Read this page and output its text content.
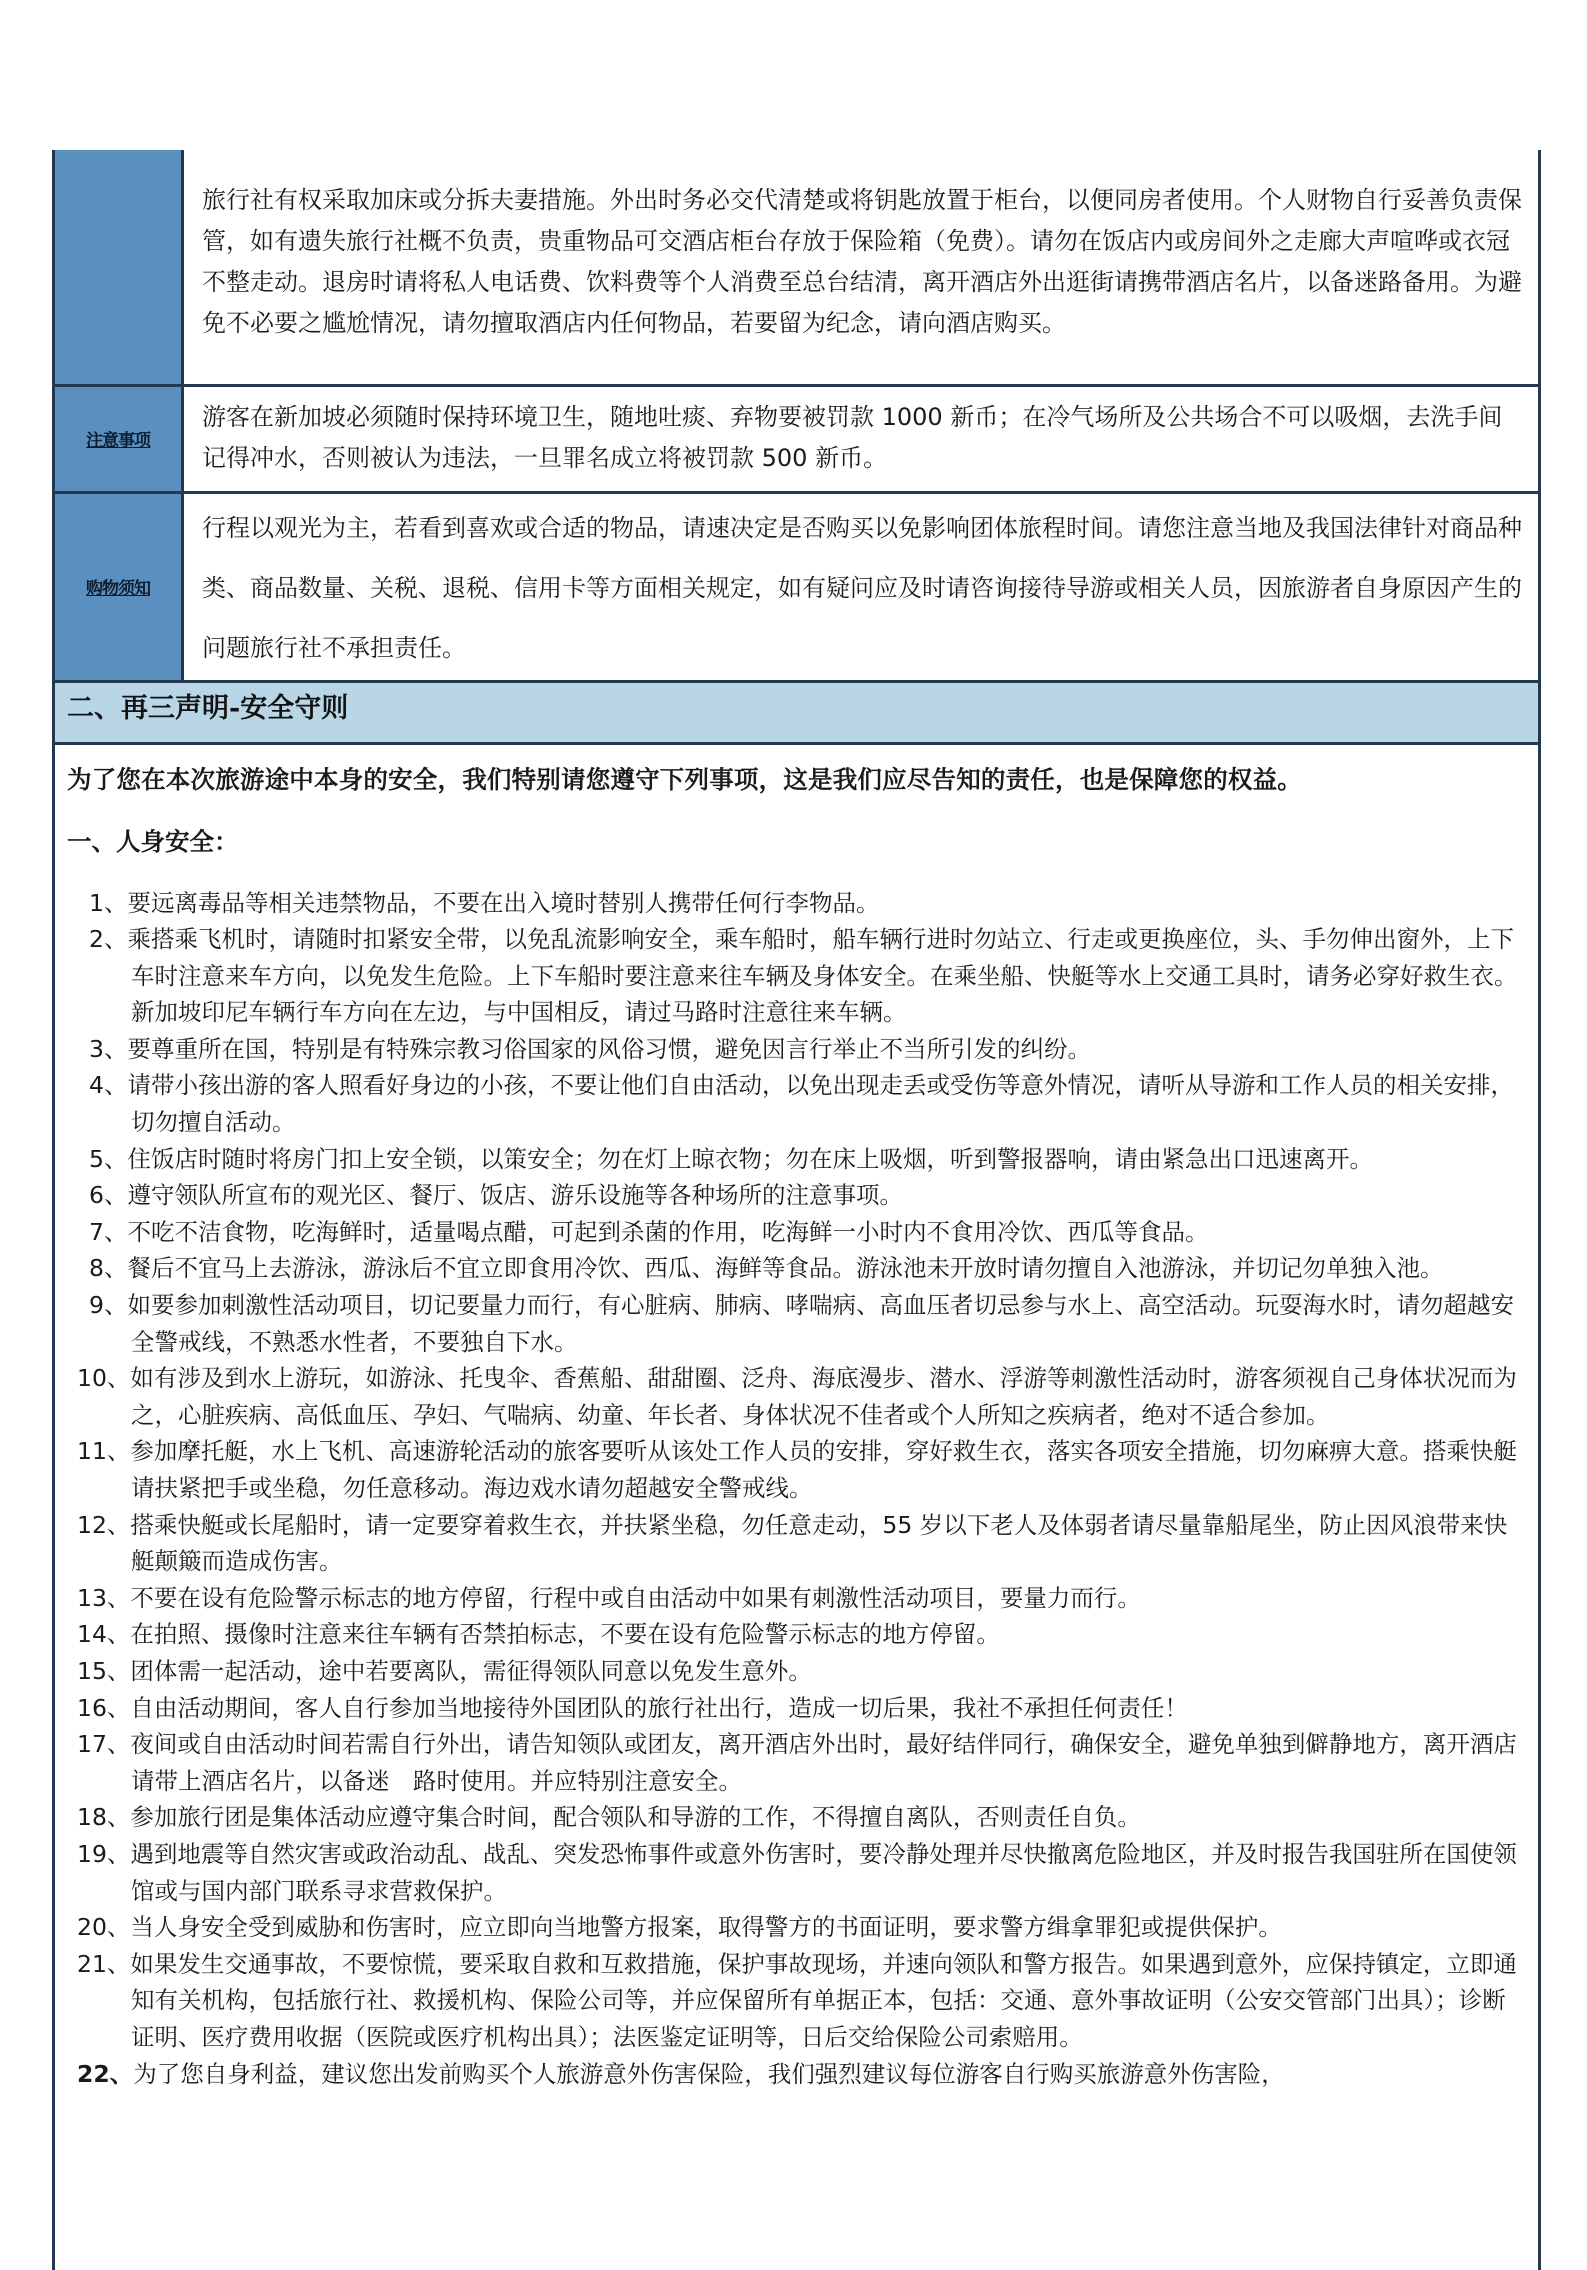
	旅行社有权采取加床或分拆夫妻措施。外出时务必交代清楚或将钥匙放置于柜台，以便同房者使用。个人财物自行妥善负责保管，如有遗失旅行社概不负责，贵重物品可交酒店柜台存放于保险箱（免费）。请勿在饭店内或房间外之走廊大声喧哗或衣冠不整走动。退房时请将私人电话费、饮料费等个人消费至总台结清，离开酒店外出逛街请携带酒店名片，以备迷路备用。为避免不必要之尴尬情况，请勿擅取酒店内任何物品，若要留为纪念，请向酒店购买。
注意事项	游客在新加坡必须随时保持环境卫生，随地吐痰、弃物要被罚款 1000 新币；在冷气场所及公共场合不可以吸烟，去洗手间记得冲水，否则被认为违法，一旦罪名成立将被罚款 500 新币。
购物须知	行程以观光为主，若看到喜欢或合适的物品，请速决定是否购买以免影响团体旅程时间。请您注意当地及我国法律针对商品种类、商品数量、关税、退税、信用卡等方面相关规定，如有疑问应及时请咨询接待导游或相关人员，因旅游者自身原因产生的问题旅行社不承担责任。
二、再三声明-安全守则
为了您在本次旅游途中本身的安全，我们特别请您遵守下列事项，这是我们应尽告知的责任，也是保障您的权益。
一、人身安全：
1、要远离毒品等相关违禁物品，不要在出入境时替别人携带任何行李物品。
2、乘搭乘飞机时，请随时扣紧安全带，以免乱流影响安全，乘车船时，船车辆行进时勿站立、行走或更换座位，头、手勿伸出窗外，上下车时注意来车方向，以免发生危险。上下车船时要注意来往车辆及身体安全。在乘坐船、快艇等水上交通工具时，请务必穿好救生衣。新加坡印尼车辆行车方向在左边，与中国相反，请过马路时注意往来车辆。
3、要尊重所在国，特别是有特殊宗教习俗国家的风俗习惯，避免因言行举止不当所引发的纠纷。
4、请带小孩出游的客人照看好身边的小孩，不要让他们自由活动，以免出现走丢或受伤等意外情况，请听从导游和工作人员的相关安排，切勿擅自活动。
5、住饭店时随时将房门扣上安全锁，以策安全；勿在灯上晾衣物；勿在床上吸烟，听到警报器响，请由紧急出口迅速离开。
6、遵守领队所宣布的观光区、餐厅、饭店、游乐设施等各种场所的注意事项。
7、不吃不洁食物，吃海鲜时，适量喝点醋，可起到杀菌的作用，吃海鲜一小时内不食用冷饮、西瓜等食品。
8、餐后不宜马上去游泳，游泳后不宜立即食用冷饮、西瓜、海鲜等食品。游泳池未开放时请勿擅自入池游泳，并切记勿单独入池。
9、如要参加刺激性活动项目，切记要量力而行，有心脏病、肺病、哮喘病、高血压者切忌参与水上、高空活动。玩耍海水时，请勿超越安全警戒线，不熟悉水性者，不要独自下水。
10、如有涉及到水上游玩，如游泳、托曳伞、香蕉船、甜甜圈、泛舟、海底漫步、潜水、浮游等刺激性活动时，游客须视自己身体状况而为之，心脏疾病、高低血压、孕妇、气喘病、幼童、年长者、身体状况不佳者或个人所知之疾病者，绝对不适合参加。
11、参加摩托艇，水上飞机、高速游轮活动的旅客要听从该处工作人员的安排，穿好救生衣，落实各项安全措施，切勿麻痹大意。搭乘快艇请扶紧把手或坐稳，勿任意移动。海边戏水请勿超越安全警戒线。
12、搭乘快艇或长尾船时，请一定要穿着救生衣，并扶紧坐稳，勿任意走动，55 岁以下老人及体弱者请尽量靠船尾坐，防止因风浪带来快艇颠簸而造成伤害。
13、不要在设有危险警示标志的地方停留，行程中或自由活动中如果有刺激性活动项目，要量力而行。
14、在拍照、摄像时注意来往车辆有否禁拍标志，不要在设有危险警示标志的地方停留。
15、团体需一起活动，途中若要离队，需征得领队同意以免发生意外。
16、自由活动期间，客人自行参加当地接待外国团队的旅行社出行，造成一切后果，我社不承担任何责任！
17、夜间或自由活动时间若需自行外出，请告知领队或团友，离开酒店外出时，最好结伴同行，确保安全，避免单独到僻静地方，离开酒店请带上酒店名片，以备迷　路时使用。并应特别注意安全。
18、参加旅行团是集体活动应遵守集合时间，配合领队和导游的工作，不得擅自离队，否则责任自负。
19、遇到地震等自然灾害或政治动乱、战乱、突发恐怖事件或意外伤害时，要冷静处理并尽快撤离危险地区，并及时报告我国驻所在国使领馆或与国内部门联系寻求营救保护。
20、当人身安全受到威胁和伤害时，应立即向当地警方报案，取得警方的书面证明，要求警方缉拿罪犯或提供保护。
21、如果发生交通事故，不要惊慌，要采取自救和互救措施，保护事故现场，并速向领队和警方报告。如果遇到意外，应保持镇定，立即通知有关机构，包括旅行社、救援机构、保险公司等，并应保留所有单据正本，包括：交通、意外事故证明（公安交管部门出具）；诊断证明、医疗费用收据（医院或医疗机构出具）；法医鉴定证明等，日后交给保险公司索赔用。
22、为了您自身利益，建议您出发前购买个人旅游意外伤害保险，我们强烈建议每位游客自行购买旅游意外伤害险，
